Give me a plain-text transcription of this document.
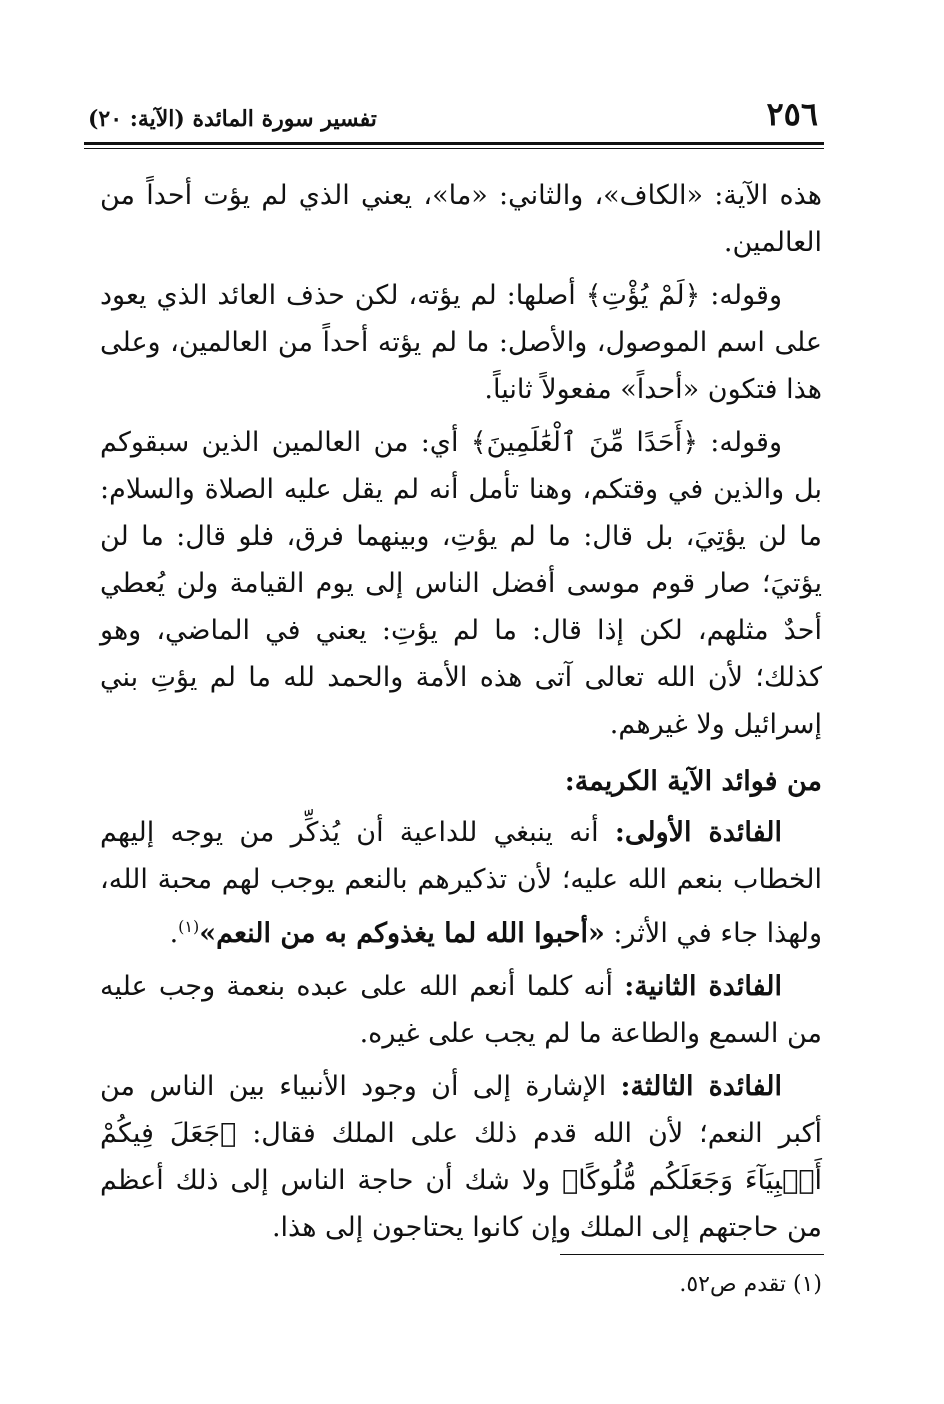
٢٥٦
تفسير سورة المائدة (الآية: ٢٠)

هذه الآية: «الكاف»، والثاني: «ما»، يعني الذي لم يؤت أحداً من العالمين.

وقوله: ﴿لَمْ يُؤْتِ﴾ أصلها: لم يؤته، لكن حذف العائد الذي يعود على اسم الموصول، والأصل: ما لم يؤته أحداً من العالمين، وعلى هذا فتكون «أحداً» مفعولاً ثانياً.

وقوله: ﴿أَحَدًا مِّنَ ٱلْعَٰلَمِينَ﴾ أي: من العالمين الذين سبقوكم بل والذين في وقتكم، وهنا تأمل أنه لم يقل عليه الصلاة والسلام: ما لن يؤتِيَ، بل قال: ما لم يؤتِ، وبينهما فرق، فلو قال: ما لن يؤتيَ؛ صار قوم موسى أفضل الناس إلى يوم القيامة ولن يُعطي أحدٌ مثلهم، لكن إذا قال: ما لم يؤتِ: يعني في الماضي، وهو كذلك؛ لأن الله تعالى آتى هذه الأمة والحمد لله ما لم يؤتِ بني إسرائيل ولا غيرهم.

من فوائد الآية الكريمة:

الفائدة الأولى: أنه ينبغي للداعية أن يُذكِّر من يوجه إليهم الخطاب بنعم الله عليه؛ لأن تذكيرهم بالنعم يوجب لهم محبة الله، ولهذا جاء في الأثر: «أحبوا الله لما يغذوكم به من النعم»$^{(١)}$.

الفائدة الثانية: أنه كلما أنعم الله على عبده بنعمة وجب عليه من السمع والطاعة ما لم يجب على غيره.

الفائدة الثالثة: الإشارة إلى أن وجود الأنبياء بين الناس من أكبر النعم؛ لأن الله قدم ذلك على الملك فقال: ﴿جَعَلَ فِيكُمْ أَنۢبِيَآءَ وَجَعَلَكُم مُّلُوكًا﴾ ولا شك أن حاجة الناس إلى ذلك أعظم من حاجتهم إلى الملك وإن كانوا يحتاجون إلى هذا.

(١) تقدم ص٥٢.
